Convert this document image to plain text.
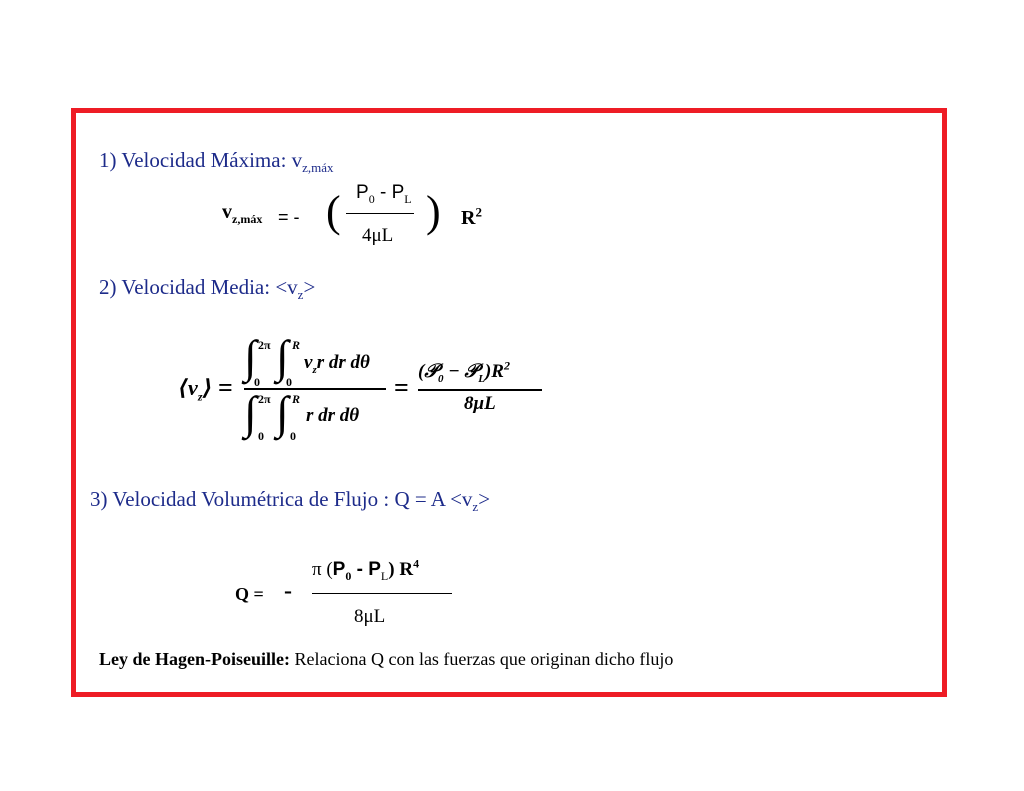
1) Velocidad Máxima: $v_{z,máx}$
$v_{z,máx}$ = - ( $P_0 - P_L$
4μL ) $R^2$
2) Velocidad Media: $<v_z>$
$⟨v_z⟩$ =
∫ 2π
0 ∫ R
0
$v_zr$ dr dθ
∫ 2π
0 ∫ R
0
r dr dθ
=
(𝒫$_0$ − $𝒫_L)R^2$
8μL
3) Velocidad Volumétrica de Flujo : $Q = A <v_z>$
Q = -
π $(P_0 - P_L)$ $R^4$
8μL
Ley de Hagen-Poiseuille: Relaciona Q con las fuerzas que originan dicho flujo
